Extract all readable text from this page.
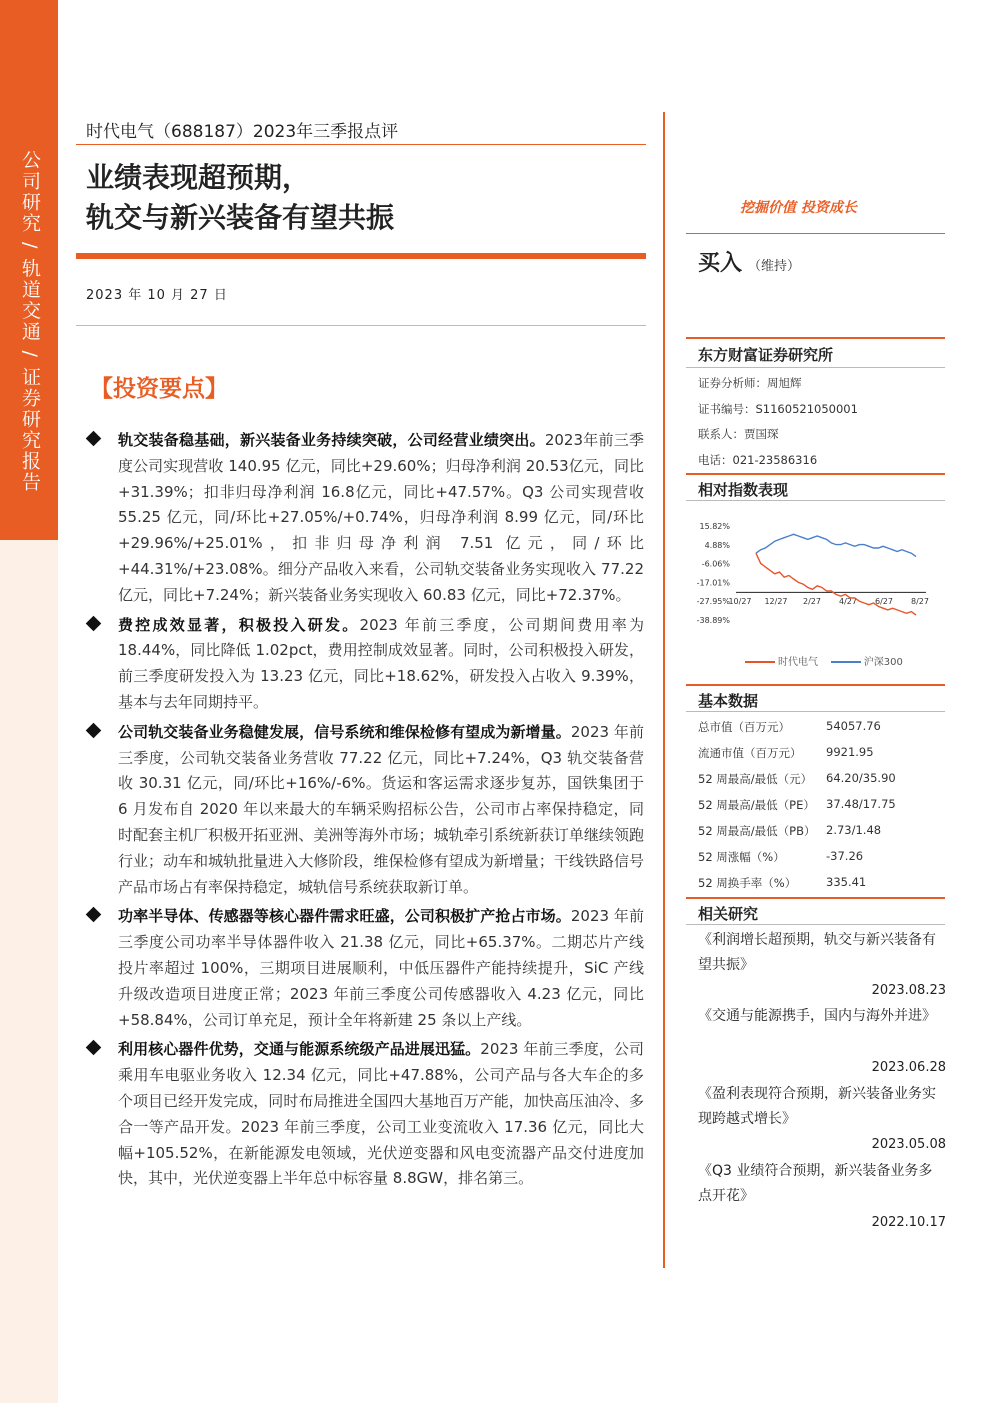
公司研究 / 轨道交通 / 证券研究报告
时代电气（688187）2023年三季报点评
业绩表现超预期，
轨交与新兴装备有望共振
2023 年 10 月 27 日
【投资要点】
轨交装备稳基础，新兴装备业务持续突破，公司经营业绩突出。2023年前三季度公司实现营收 140.95 亿元，同比+29.60%；归母净利润 20.53亿元，同比+31.39%；扣非归母净利润 16.8亿元，同比+47.57%。Q3 公司实现营收 55.25 亿元，同/环比+27.05%/+0.74%，归母净利润 8.99 亿元，同/环比+29.96%/+25.01%，扣非归母净利润 7.51 亿元，同/环比+44.31%/+23.08%。细分产品收入来看，公司轨交装备业务实现收入 77.22 亿元，同比+7.24%；新兴装备业务实现收入 60.83 亿元，同比+72.37%。
费控成效显著，积极投入研发。2023 年前三季度，公司期间费用率为 18.44%，同比降低 1.02pct，费用控制成效显著。同时，公司积极投入研发，前三季度研发投入为 13.23 亿元，同比+18.62%，研发投入占收入 9.39%，基本与去年同期持平。
公司轨交装备业务稳健发展，信号系统和维保检修有望成为新增量。2023 年前三季度，公司轨交装备业务营收 77.22 亿元，同比+7.24%，Q3 轨交装备营收 30.31 亿元，同/环比+16%/-6%。货运和客运需求逐步复苏，国铁集团于 6 月发布自 2020 年以来最大的车辆采购招标公告，公司市占率保持稳定，同时配套主机厂积极开拓亚洲、美洲等海外市场；城轨牵引系统新获订单继续领跑行业；动车和城轨批量进入大修阶段，维保检修有望成为新增量；干线铁路信号产品市场占有率保持稳定，城轨信号系统获取新订单。
功率半导体、传感器等核心器件需求旺盛，公司积极扩产抢占市场。2023 年前三季度公司功率半导体器件收入 21.38 亿元，同比+65.37%。二期芯片产线投片率超过 100%，三期项目进展顺利，中低压器件产能持续提升，SiC 产线升级改造项目进度正常；2023 年前三季度公司传感器收入 4.23 亿元，同比+58.84%，公司订单充足，预计全年将新建 25 条以上产线。
利用核心器件优势，交通与能源系统级产品进展迅猛。2023 年前三季度，公司乘用车电驱业务收入 12.34 亿元，同比+47.88%，公司产品与各大车企的多个项目已经开发完成，同时布局推进全国四大基地百万产能，加快高压油冷、多合一等产品开发。2023 年前三季度，公司工业变流收入 17.36 亿元，同比大幅+105.52%，在新能源发电领域，光伏逆变器和风电变流器产品交付进度加快，其中，光伏逆变器上半年总中标容量 8.8GW，排名第三。
挖掘价值 投资成长
买入 （维持）
东方财富证券研究所
证券分析师：周旭辉
证书编号：S1160521050001
联系人：贾国琛
电话：021-23586316
相对指数表现
15.82%
4.88%
-6.06%
-17.01%
-27.95%
-38.89%
10/27 12/27 2/27 4/27 6/27 8/27
时代电气	沪深300
基本数据
总市值（百万元）	54057.76
流通市值（百万元） 9921.95
52 周最高/最低（元） 64.20/35.90
52 周最高/最低（PE） 37.48/17.75
52 周最高/最低（PB） 2.73/1.48
52 周涨幅（%）	-37.26
52 周换手率（%）	335.41
相关研究
《利润增长超预期，轨交与新兴装备有望共振》
2023.08.23
《交通与能源携手，国内与海外并进》
2023.06.28
《盈利表现符合预期，新兴装备业务实现跨越式增长》
2023.05.08
《Q3 业绩符合预期，新兴装备业务多点开花》
2022.10.17
